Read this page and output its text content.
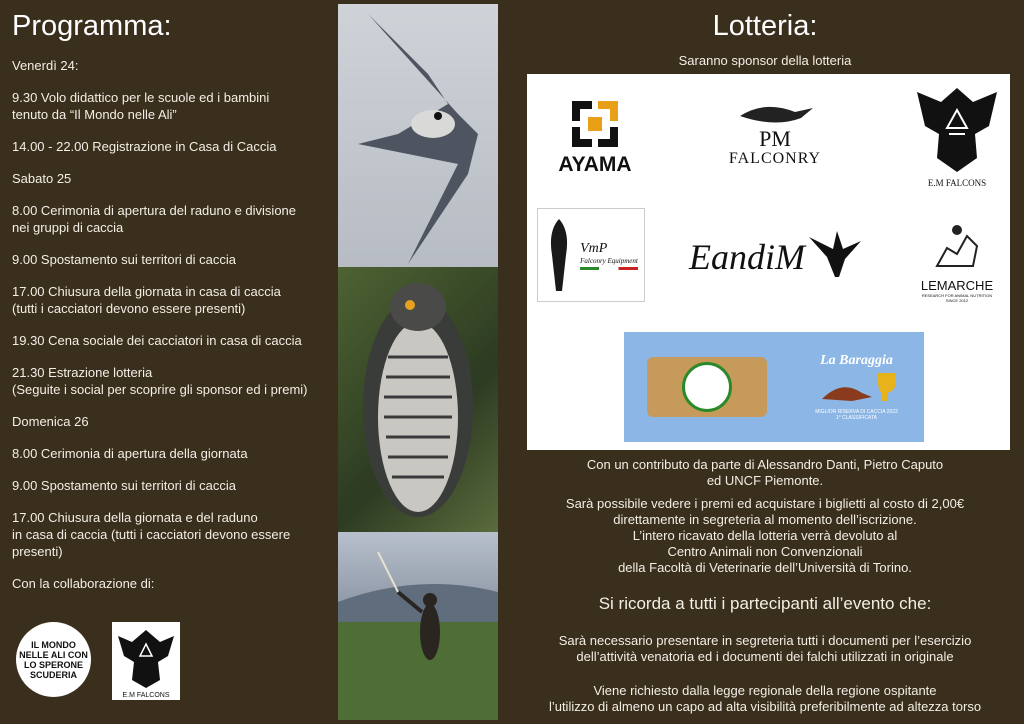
Programma:

Venerdì 24:

9.30 Volo didattico per le scuole ed i bambini
tenuto da “Il Mondo nelle Ali”

14.00 - 22.00 Registrazione in Casa di Caccia

Sabato 25

8.00 Cerimonia di apertura del raduno e divisione
nei gruppi di caccia

9.00 Spostamento sui territori di caccia

17.00 Chiusura della giornata in casa di caccia
(tutti i cacciatori devono essere presenti)

19.30 Cena sociale dei cacciatori in casa di caccia

21.30 Estrazione lotteria
(Seguite i social per scoprire gli sponsor ed i premi)

Domenica 26

8.00 Cerimonia di apertura della giornata

9.00 Spostamento sui territori di caccia

17.00 Chiusura della giornata e del raduno
in casa di caccia (tutti i cacciatori devono essere
presenti)

Con la collaborazione di:

IL MONDO NELLE ALI CON LO SPERONE SCUDERIA
E.M FALCONS
Lotteria:
Saranno sponsor della lotteria
AYAMA
PM
FALCONRY
E.M FALCONS
VmP
Falconry Equipment EandiM
LEMARCHE
RESEARCH FOR ANIMAL NUTRITION
SINCE 2012
La Baraggia
MIGLIOR RISERVA DI CACCIA 2023
1° CLASSIFICATA
Con un contributo da parte di Alessandro Danti, Pietro Caputo
ed UNCF Piemonte.
Sarà possibile vedere i premi ed acquistare i biglietti al costo di 2,00€
direttamente in segreteria al momento dell’iscrizione.
L’intero ricavato della lotteria verrà devoluto al
Centro Animali non Convenzionali
della Facoltà di Veterinarie dell’Università di Torino.
Si ricorda a tutti i partecipanti all’evento che:
Sarà necessario presentare in segreteria tutti i documenti per l’esercizio
dell’attività venatoria ed i documenti dei falchi utilizzati in originale
Viene richiesto dalla legge regionale della regione ospitante
l’utilizzo di almeno un capo ad alta visibilità preferibilmente ad altezza torso
